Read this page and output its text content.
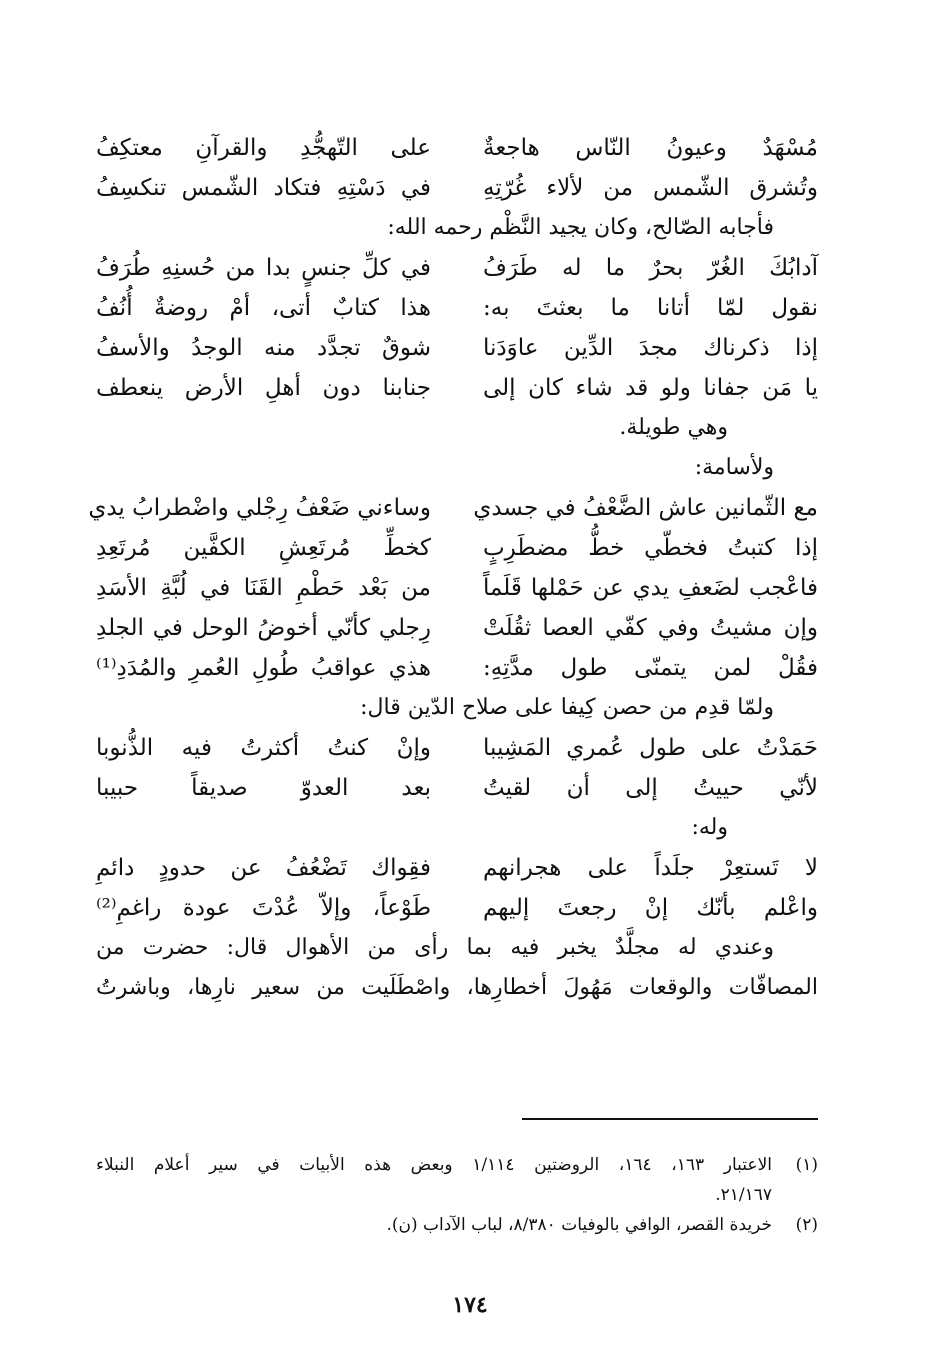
مُسْهَدٌ وعيونُ النّاس هاجعةٌ
على التّهجُّدِ والقرآنِ معتكِفُ
وتُشرق الشّمس من لألاء غُرّتِهِ
في دَسْتِهِ فتكاد الشّمس تنكسِفُ
فأجابه الصّالح، وكان يجيد النَّظْم رحمه الله:
آدابُكَ الغُرّ بحرٌ ما له طَرَفُ
في كلِّ جنسٍ بدا من حُسنِهِ طُرَفُ
نقول لمّا أتانا ما بعثتَ به:
هذا كتابٌ أتى، أمْ روضةٌ أُنُفُ
إذا ذكرناك مجدَ الدِّين عاوَدَنا
شوقٌ تجدَّد منه الوجدُ والأسفُ
يا مَن جفانا ولو قد شاء كان إلى
جنابنا دون أهلِ الأرض ينعطف
وهي طويلة.
ولأسامة:
مع الثّمانين عاش الضَّعْفُ في جسدي
وساءني ضَعْفُ رِجْلي واضْطرابُ يدي
إذا كتبتُ فخطّي خطُّ مضطَرِبٍ
كخطِّ مُرتَعِشِ الكفَّين مُرتَعِدِ
فاعْجب لضَعفِ يدي عن حَمْلها قَلَماً
من بَعْد حَطْمِ القَنَا في لُبَّةِ الأسَدِ
وإن مشيتُ وفي كفّي العصا ثقُلَتْ
رِجلي كأنّي أخوضُ الوحل في الجلدِ
فقُلْ لمن يتمنّى طول مدَّتِهِ:
هذي عواقبُ طُولِ العُمرِ والمُدَدِ⁽¹⁾
ولمّا قدِم من حصن كِيفا على صلاح الدّين قال:
حَمَدْتُ على طول عُمري المَشِيبا
وإنْ كنتُ أكثرتُ فيه الذُّنوبا
لأنّي حييتُ إلى أن لقيتُ
بعد العدوّ صديقاً حبيبا
وله:
لا تَستعِرْ جلَداً على هجرانهم
فقِواك تَضْعُفُ عن حدودٍ دائمِ
واعْلم بأنّك إنْ رجعتَ إليهم
طَوْعاً، وإلاّ عُدْتَ عودة راغمِ⁽²⁾
وعندي له مجلَّدٌ يخبر فيه بما رأى من الأهوال قال: حضرت من
المصافّات والوقعات مَهُولَ أخطارِها، واصْطَلَيت من سعير نارِها، وباشرتُ
(١)
الاعتبار ١٦٣، ١٦٤، الروضتين ١/١١٤ وبعض هذه الأبيات في سير أعلام النبلاء
٢١/١٦٧.
(٢)
خريدة القصر، الوافي بالوفيات ٨/٣٨٠، لباب الآداب (ن).
١٧٤
